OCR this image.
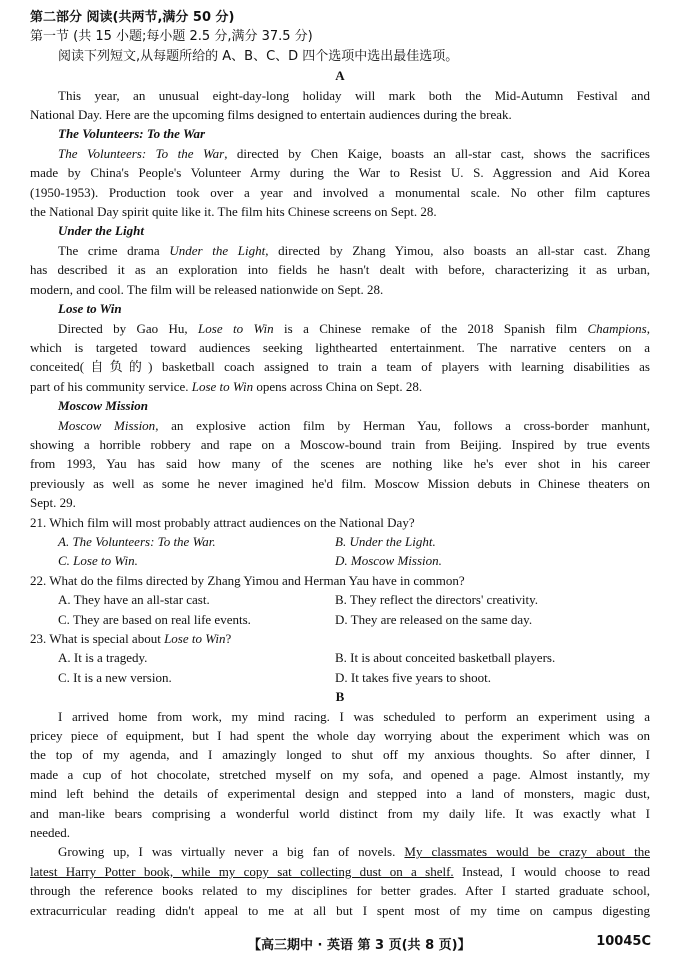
第二部分 阅读(共两节,满分 50 分)
第一节 (共 15 小题;每小题 2.5 分,满分 37.5 分)
阅读下列短文,从每题所给的 A、B、C、D 四个选项中选出最佳选项。
A
This year, an unusual eight-day-long holiday will mark both the Mid-Autumn Festival and
National Day. Here are the upcoming films designed to entertain audiences during the break.
The Volunteers: To the War
The Volunteers: To the War, directed by Chen Kaige, boasts an all-star cast, shows the sacrifices
made by China's People's Volunteer Army during the War to Resist U. S. Aggression and Aid Korea
(1950-1953). Production took over a year and involved a monumental scale. No other film captures
the National Day spirit quite like it. The film hits Chinese screens on Sept. 28.
Under the Light
The crime drama Under the Light, directed by Zhang Yimou, also boasts an all-star cast. Zhang
has described it as an exploration into fields he hasn't dealt with before, characterizing it as urban,
modern, and cool. The film will be released nationwide on Sept. 28.
Lose to Win
Directed by Gao Hu, Lose to Win is a Chinese remake of the 2018 Spanish film Champions,
which is targeted toward audiences seeking lighthearted entertainment. The narrative centers on a
conceited(自负的) basketball coach assigned to train a team of players with learning disabilities as
part of his community service. Lose to Win opens across China on Sept. 28.
Moscow Mission
Moscow Mission, an explosive action film by Herman Yau, follows a cross-border manhunt,
showing a horrible robbery and rape on a Moscow-bound train from Beijing. Inspired by true events
from 1993, Yau has said how many of the scenes are nothing like he's ever shot in his career
previously as well as some he never imagined he'd film. Moscow Mission debuts in Chinese theaters on
Sept. 29.
21. Which film will most probably attract audiences on the National Day?
A. The Volunteers: To the War.	B. Under the Light.
C. Lose to Win.	D. Moscow Mission.
22. What do the films directed by Zhang Yimou and Herman Yau have in common?
A. They have an all-star cast.	B. They reflect the directors' creativity.
C. They are based on real life events.	D. They are released on the same day.
23. What is special about Lose to Win?
A. It is a tragedy.	B. It is about conceited basketball players.
C. It is a new version.	D. It takes five years to shoot.
B
I arrived home from work, my mind racing. I was scheduled to perform an experiment using a
pricey piece of equipment, but I had spent the whole day worrying about the experiment which was on
the top of my agenda, and I amazingly longed to shut off my anxious thoughts. So after dinner, I
made a cup of hot chocolate, stretched myself on my sofa, and opened a page. Almost instantly, my
mind left behind the details of experimental design and stepped into a land of monsters, magic dust,
and man-like bears comprising a wonderful world distinct from my daily life. It was exactly what I
needed.
Growing up, I was virtually never a big fan of novels. My classmates would be crazy about the
latest Harry Potter book, while my copy sat collecting dust on a shelf. Instead, I would choose to read
through the reference books related to my disciplines for better grades. After I started graduate school,
extracurricular reading didn't appeal to me at all but I spent most of my time on campus digesting
【高三期中 · 英语 第 3 页(共 8 页)】	10045C
